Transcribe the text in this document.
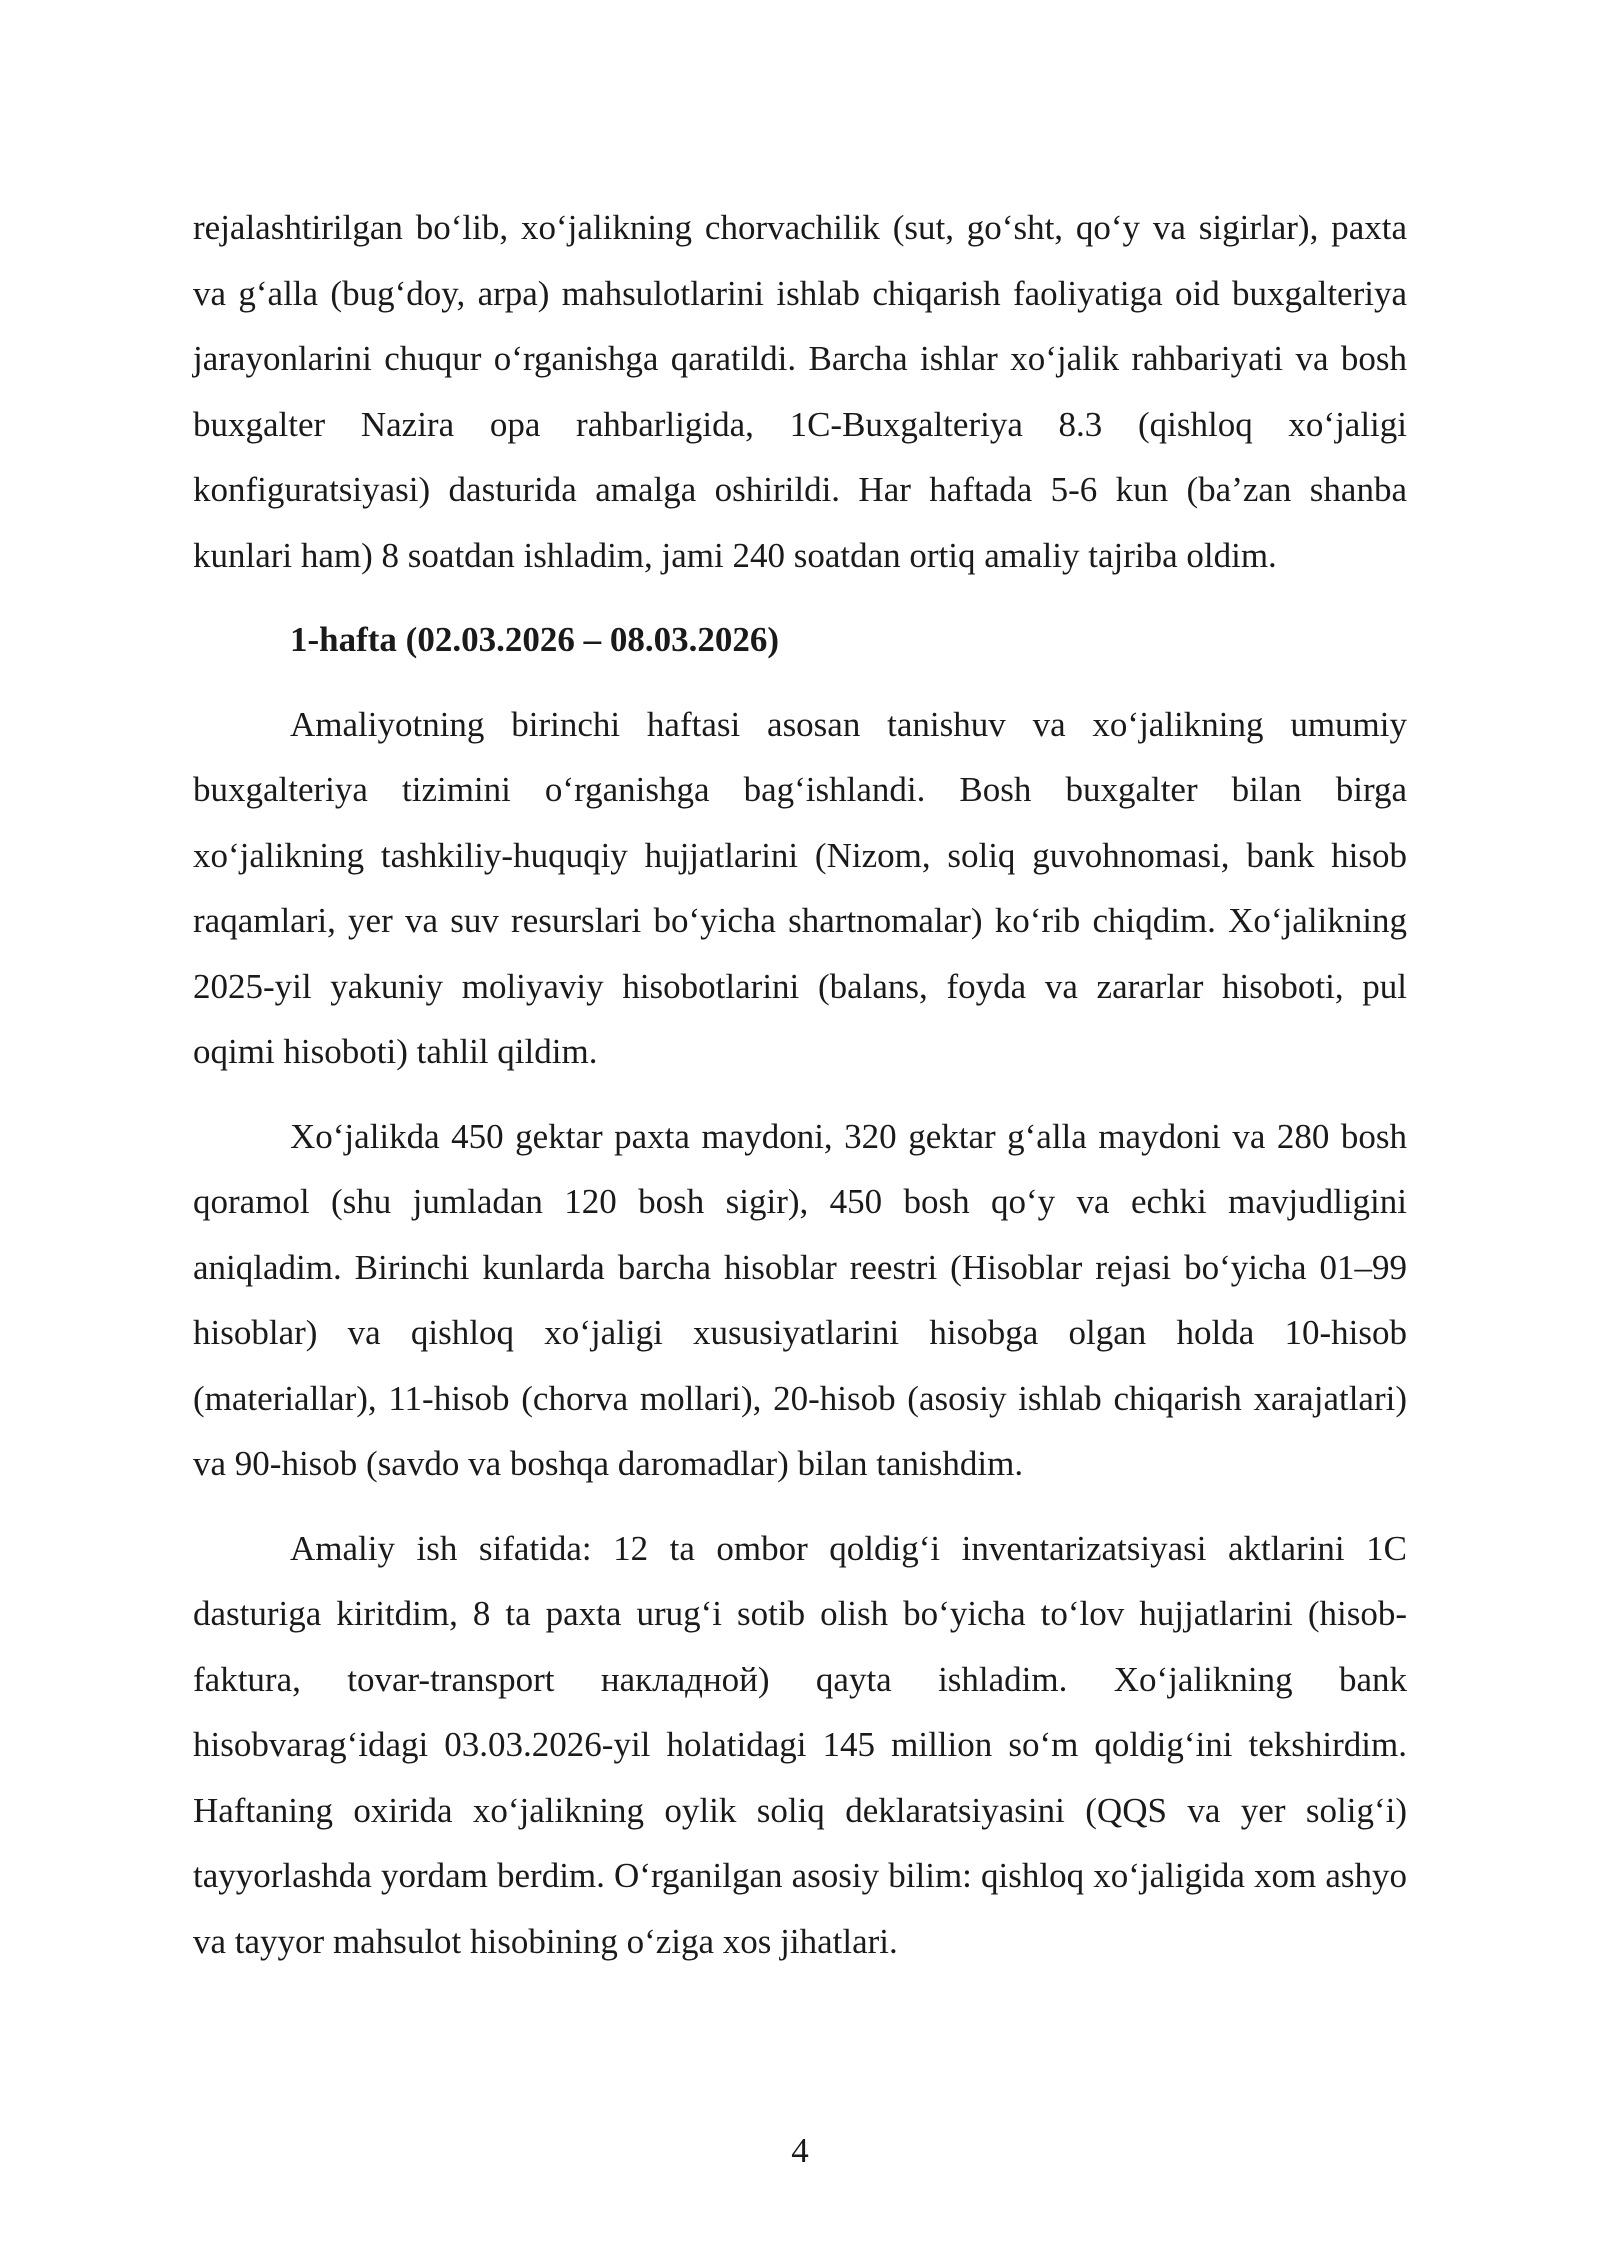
rejalashtirilgan bo‘lib, xo‘jalikning chorvachilik (sut, go‘sht, qo‘y va sigirlar), paxta va g‘alla (bug‘doy, arpa) mahsulotlarini ishlab chiqarish faoliyatiga oid buxgalteriya jarayonlarini chuqur o‘rganishga qaratildi. Barcha ishlar xo‘jalik rahbariyati va bosh buxgalter Nazira opa rahbarligida, 1C-Buxgalteriya 8.3 (qishloq xo‘jaligi konfiguratsiyasi) dasturida amalga oshirildi. Har haftada 5-6 kun (ba’zan shanba kunlari ham) 8 soatdan ishladim, jami 240 soatdan ortiq amaliy tajriba oldim.

1-hafta (02.03.2026 – 08.03.2026)

Amaliyotning birinchi haftasi asosan tanishuv va xo‘jalikning umumiy buxgalteriya tizimini o‘rganishga bag‘ishlandi. Bosh buxgalter bilan birga xo‘jalikning tashkiliy-huquqiy hujjatlarini (Nizom, soliq guvohnomasi, bank hisob raqamlari, yer va suv resurslari bo‘yicha shartnomalar) ko‘rib chiqdim. Xo‘jalikning 2025-yil yakuniy moliyaviy hisobotlarini (balans, foyda va zararlar hisoboti, pul oqimi hisoboti) tahlil qildim.

Xo‘jalikda 450 gektar paxta maydoni, 320 gektar g‘alla maydoni va 280 bosh qoramol (shu jumladan 120 bosh sigir), 450 bosh qo‘y va echki mavjudligini aniqladim. Birinchi kunlarda barcha hisoblar reestri (Hisoblar rejasi bo‘yicha 01–99 hisoblar) va qishloq xo‘jaligi xususiyatlarini hisobga olgan holda 10-hisob (materiallar), 11-hisob (chorva mollari), 20-hisob (asosiy ishlab chiqarish xarajatlari) va 90-hisob (savdo va boshqa daromadlar) bilan tanishdim.

Amaliy ish sifatida: 12 ta ombor qoldig‘i inventarizatsiyasi aktlarini 1C dasturiga kiritdim, 8 ta paxta urug‘i sotib olish bo‘yicha to‘lov hujjatlarini (hisob-faktura, tovar-transport накладной) qayta ishladim. Xo‘jalikning bank hisobvarag‘idagi 03.03.2026-yil holatidagi 145 million so‘m qoldig‘ini tekshirdim. Haftaning oxirida xo‘jalikning oylik soliq deklaratsiyasini (QQS va yer solig‘i) tayyorlashda yordam berdim. O‘rganilgan asosiy bilim: qishloq xo‘jaligida xom ashyo va tayyor mahsulot hisobining o‘ziga xos jihatlari.

4
